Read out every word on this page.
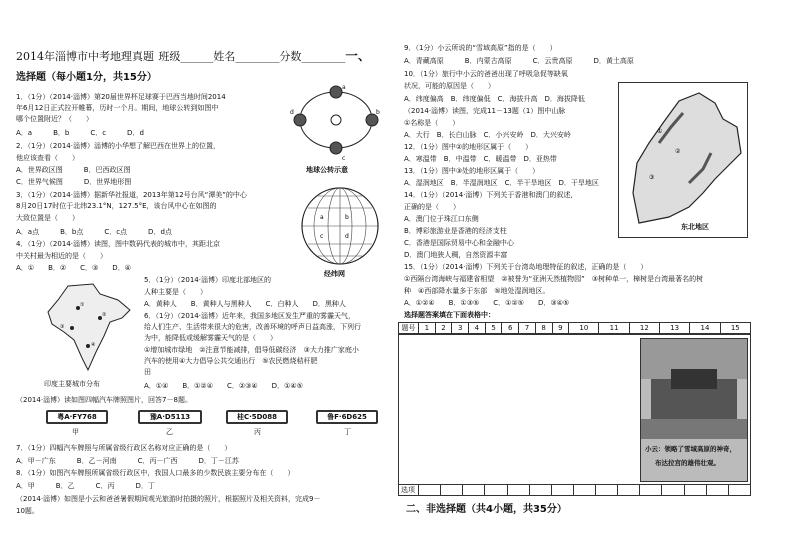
2014年淄博市中考地理真题 班级______姓名________分数________一、
选择题（每小题1分，共15分）
1．（1分）（2014·淄博）第20届世界杯足球赛于巴西当地时间2014
年6月12日正式拉开帷幕，历时一个月。期间，地球公转到如图中
哪个位置附近？（　　）
A．a　　　B．b　　　C．c　　　D．d
2．（1分）（2014·淄博）淄博的小华想了解巴西在世界上的位置，
他应该查看（　　）
A．世界政区图　　　B．巴西政区图
C．世界气候图　　　D．世界地形图
3．（1分）（2014·淄博）据新华社报道，2013年第12号台风“潭美”的中心
8月20日17时位于北纬23.1°N，127.5°E，该台风中心在如图的
大致位置是（　　）
A．a点　　　B．b点　　　C．c点　　　D．d点
4．（1分）（2014·淄博）读图，图中数码代表的城市中，其距北京
中关村最为相近的是（　　）
A．①　　B．②　　C．③　　D．④
5．（1分）（2014·淄博）印度北部地区的
人种主要是（　　）
A．黄种人　　B．黄种人与黑种人　　C．白种人　　D．黑种人
6．（1分）（2014·淄博）近年来，我国多地区发生严重的雾霾天气，
给人们生产、生活带来很大的危害，改善环境的呼声日益高涨，下列行
为中，能降低或缓解雾霾天气的是（　　）
①增加城市绿地　②注意节能减排，倡导低碳经济　③大力推广家庭小
汽车的使用④大力倡导公共交通出行　⑤农民燃烧秸秆肥
田
A．①④　　B．①②④　　C．②③④　　D．①④⑤
（2014·淄博）读如图四幅汽车牌照图片，回答7－8题。
7．（1分）四幅汽车牌照与所属省级行政区名称对应正确的是（　　）
A．甲－广东　　　B．乙－河南　　　C．丙－广西　　　D．丁－江苏
8．（1分）如图汽车牌照所属省级行政区中，我国人口最多的少数民族主要分布在（　　）
A．甲　　　B．乙　　　C．丙　　　D．丁
（2014·淄博）如图是小云和爸爸暑假期间观光旅游时拍摄的照片，根据照片及相关资料，完成9－
10题。
a
b
c
d
地球公转示意
a	b
c	d
经纬网
①
②
③
④
印度主要城市分布
粤A·FY768	豫A·D5113	桂C·5D088	鲁F·6D625
甲	乙	丙	丁
9．（1分）小云所说的“雪域高原”指的是（　　）
A．青藏高原　　　B．内蒙古高原　　　C．云贵高原　　　D．黄土高原
10．（1分）旅行中小云的爸爸出现了呼吸急促等缺氧
状况，可能的原因是（　　）
A．纬度偏高　B．纬度偏低　C．海拔升高　D．海拔降低
（2014·淄博）读图，完成11－13题（1）图中山脉
①名称是（　　）
A．大行　B．长白山脉　C．小兴安岭　D．大兴安岭
12．（1分）图中②的地形区属于（　　）
A．寒温带　B．中温带　C．暖温带　D．亚热带
13．（1分）图中③处的地形区属于（　　）
A．湿润地区　B．半湿润地区　C．半干旱地区　D．干旱地区
14．（1分）（2014·淄博）下列关于香港和澳门的叙述，
正确的是（　　）
A．澳门位于珠江口东侧
B．博彩旅游业是香港的经济支柱
C．香港是国际贸易中心和金融中心
D．澳门地狭人稠，自然资源丰富
15．（1分）（2014·淄博）下列关于台湾岛地理特征的叙述，正确的是（　　）
①西隔台湾海峡与福建省相望　②被誉为“亚洲天然植物园”　③树种单一，樟树是台湾最著名的树
种　④西部降水量多于东部　⑤地处湿润地区。
A．①②④　　B．①③⑤　　C．①②⑤　　D．③④⑤
选择题答案填在下面表格中：
②
①
③
东北地区
题号	1	2	3	4	5	6	7	8	9	10	11	12	13	14	15
小云：领略了雪域高原的神奇，
布达拉宫的雄伟壮观。
选项															
二、非选择题（共4小题，共35分）
